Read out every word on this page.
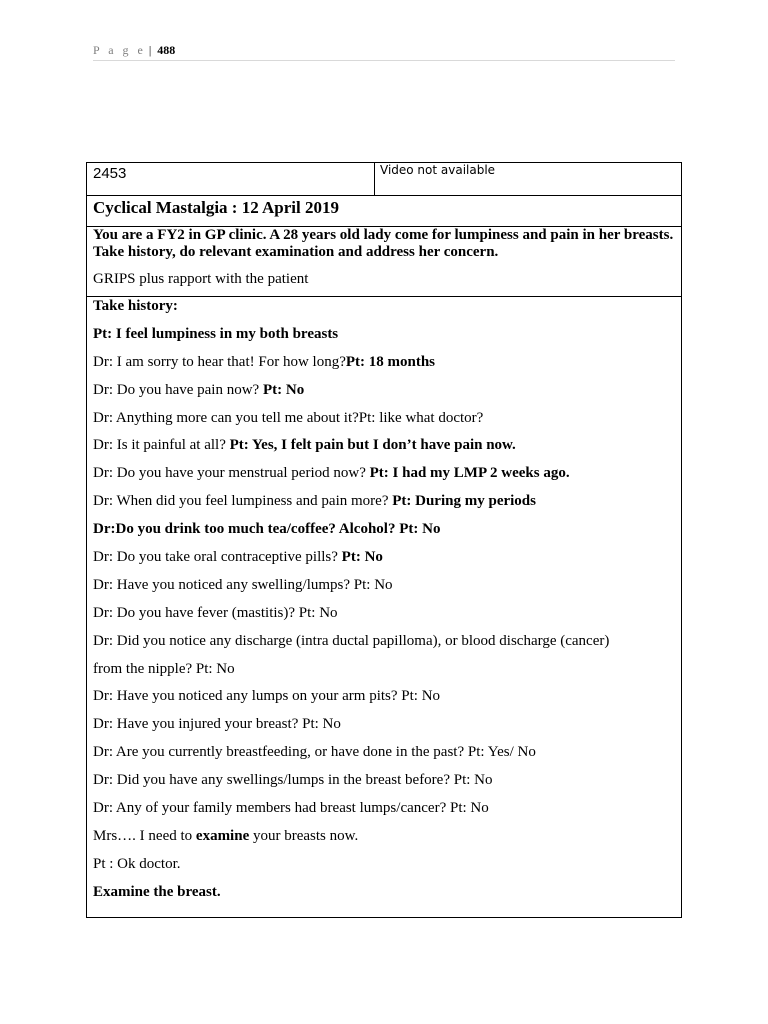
P a g e | 488
2453	Video not available
Cyclical Mastalgia : 12 April 2019

You are a FY2 in GP clinic. A 28 years old lady come for lumpiness and pain in her breasts. Take history, do relevant examination and address her concern.

GRIPS plus rapport with the patient

Take history:

Pt: I feel lumpiness in my both breasts

Dr: I am sorry to hear that! For how long?Pt: 18 months

Dr: Do you have pain now? Pt: No

Dr: Anything more can you tell me about it?Pt: like what doctor?

Dr: Is it painful at all? Pt: Yes, I felt pain but I don’t have pain now.

Dr: Do you have your menstrual period now? Pt: I had my LMP 2 weeks ago.

Dr: When did you feel lumpiness and pain more? Pt: During my periods

Dr:Do you drink too much tea/coffee? Alcohol? Pt: No

Dr: Do you take oral contraceptive pills? Pt: No

Dr: Have you noticed any swelling/lumps? Pt: No

Dr: Do you have fever (mastitis)? Pt: No

Dr: Did you notice any discharge (intra ductal papilloma), or blood discharge (cancer)

from the nipple? Pt: No

Dr: Have you noticed any lumps on your arm pits? Pt: No

Dr: Have you injured your breast? Pt: No

Dr: Are you currently breastfeeding, or have done in the past? Pt: Yes/ No

Dr: Did you have any swellings/lumps in the breast before? Pt: No

Dr: Any of your family members had breast lumps/cancer? Pt: No

Mrs…. I need to examine your breasts now.

Pt : Ok doctor.

Examine the breast.
